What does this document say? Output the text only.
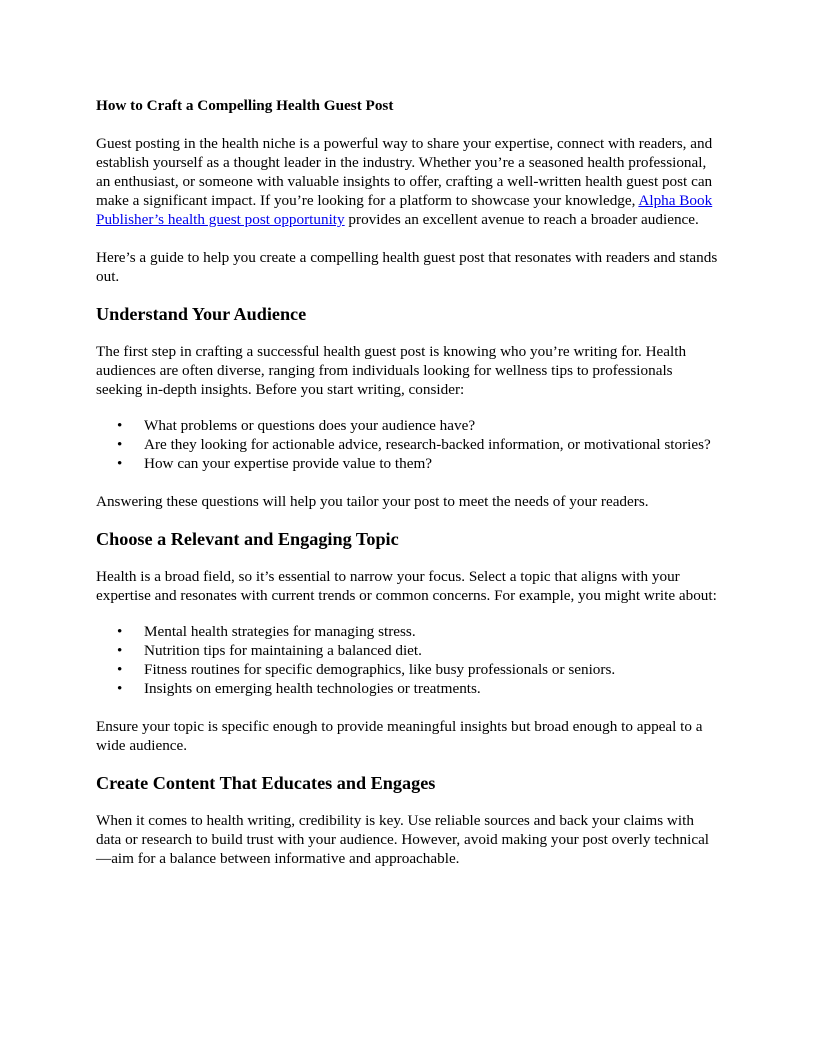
How to Craft a Compelling Health Guest Post

Guest posting in the health niche is a powerful way to share your expertise, connect with readers, and establish yourself as a thought leader in the industry. Whether you’re a seasoned health professional, an enthusiast, or someone with valuable insights to offer, crafting a well-written health guest post can make a significant impact. If you’re looking for a platform to showcase your knowledge, Alpha Book Publisher’s health guest post opportunity provides an excellent avenue to reach a broader audience.

Here’s a guide to help you create a compelling health guest post that resonates with readers and stands out.

Understand Your Audience

The first step in crafting a successful health guest post is knowing who you’re writing for. Health audiences are often diverse, ranging from individuals looking for wellness tips to professionals seeking in-depth insights. Before you start writing, consider:

• What problems or questions does your audience have?
• Are they looking for actionable advice, research-backed information, or motivational stories?
• How can your expertise provide value to them?

Answering these questions will help you tailor your post to meet the needs of your readers.

Choose a Relevant and Engaging Topic

Health is a broad field, so it’s essential to narrow your focus. Select a topic that aligns with your expertise and resonates with current trends or common concerns. For example, you might write about:

• Mental health strategies for managing stress.
• Nutrition tips for maintaining a balanced diet.
• Fitness routines for specific demographics, like busy professionals or seniors.
• Insights on emerging health technologies or treatments.

Ensure your topic is specific enough to provide meaningful insights but broad enough to appeal to a wide audience.

Create Content That Educates and Engages

When it comes to health writing, credibility is key. Use reliable sources and back your claims with data or research to build trust with your audience. However, avoid making your post overly technical—aim for a balance between informative and approachable.
